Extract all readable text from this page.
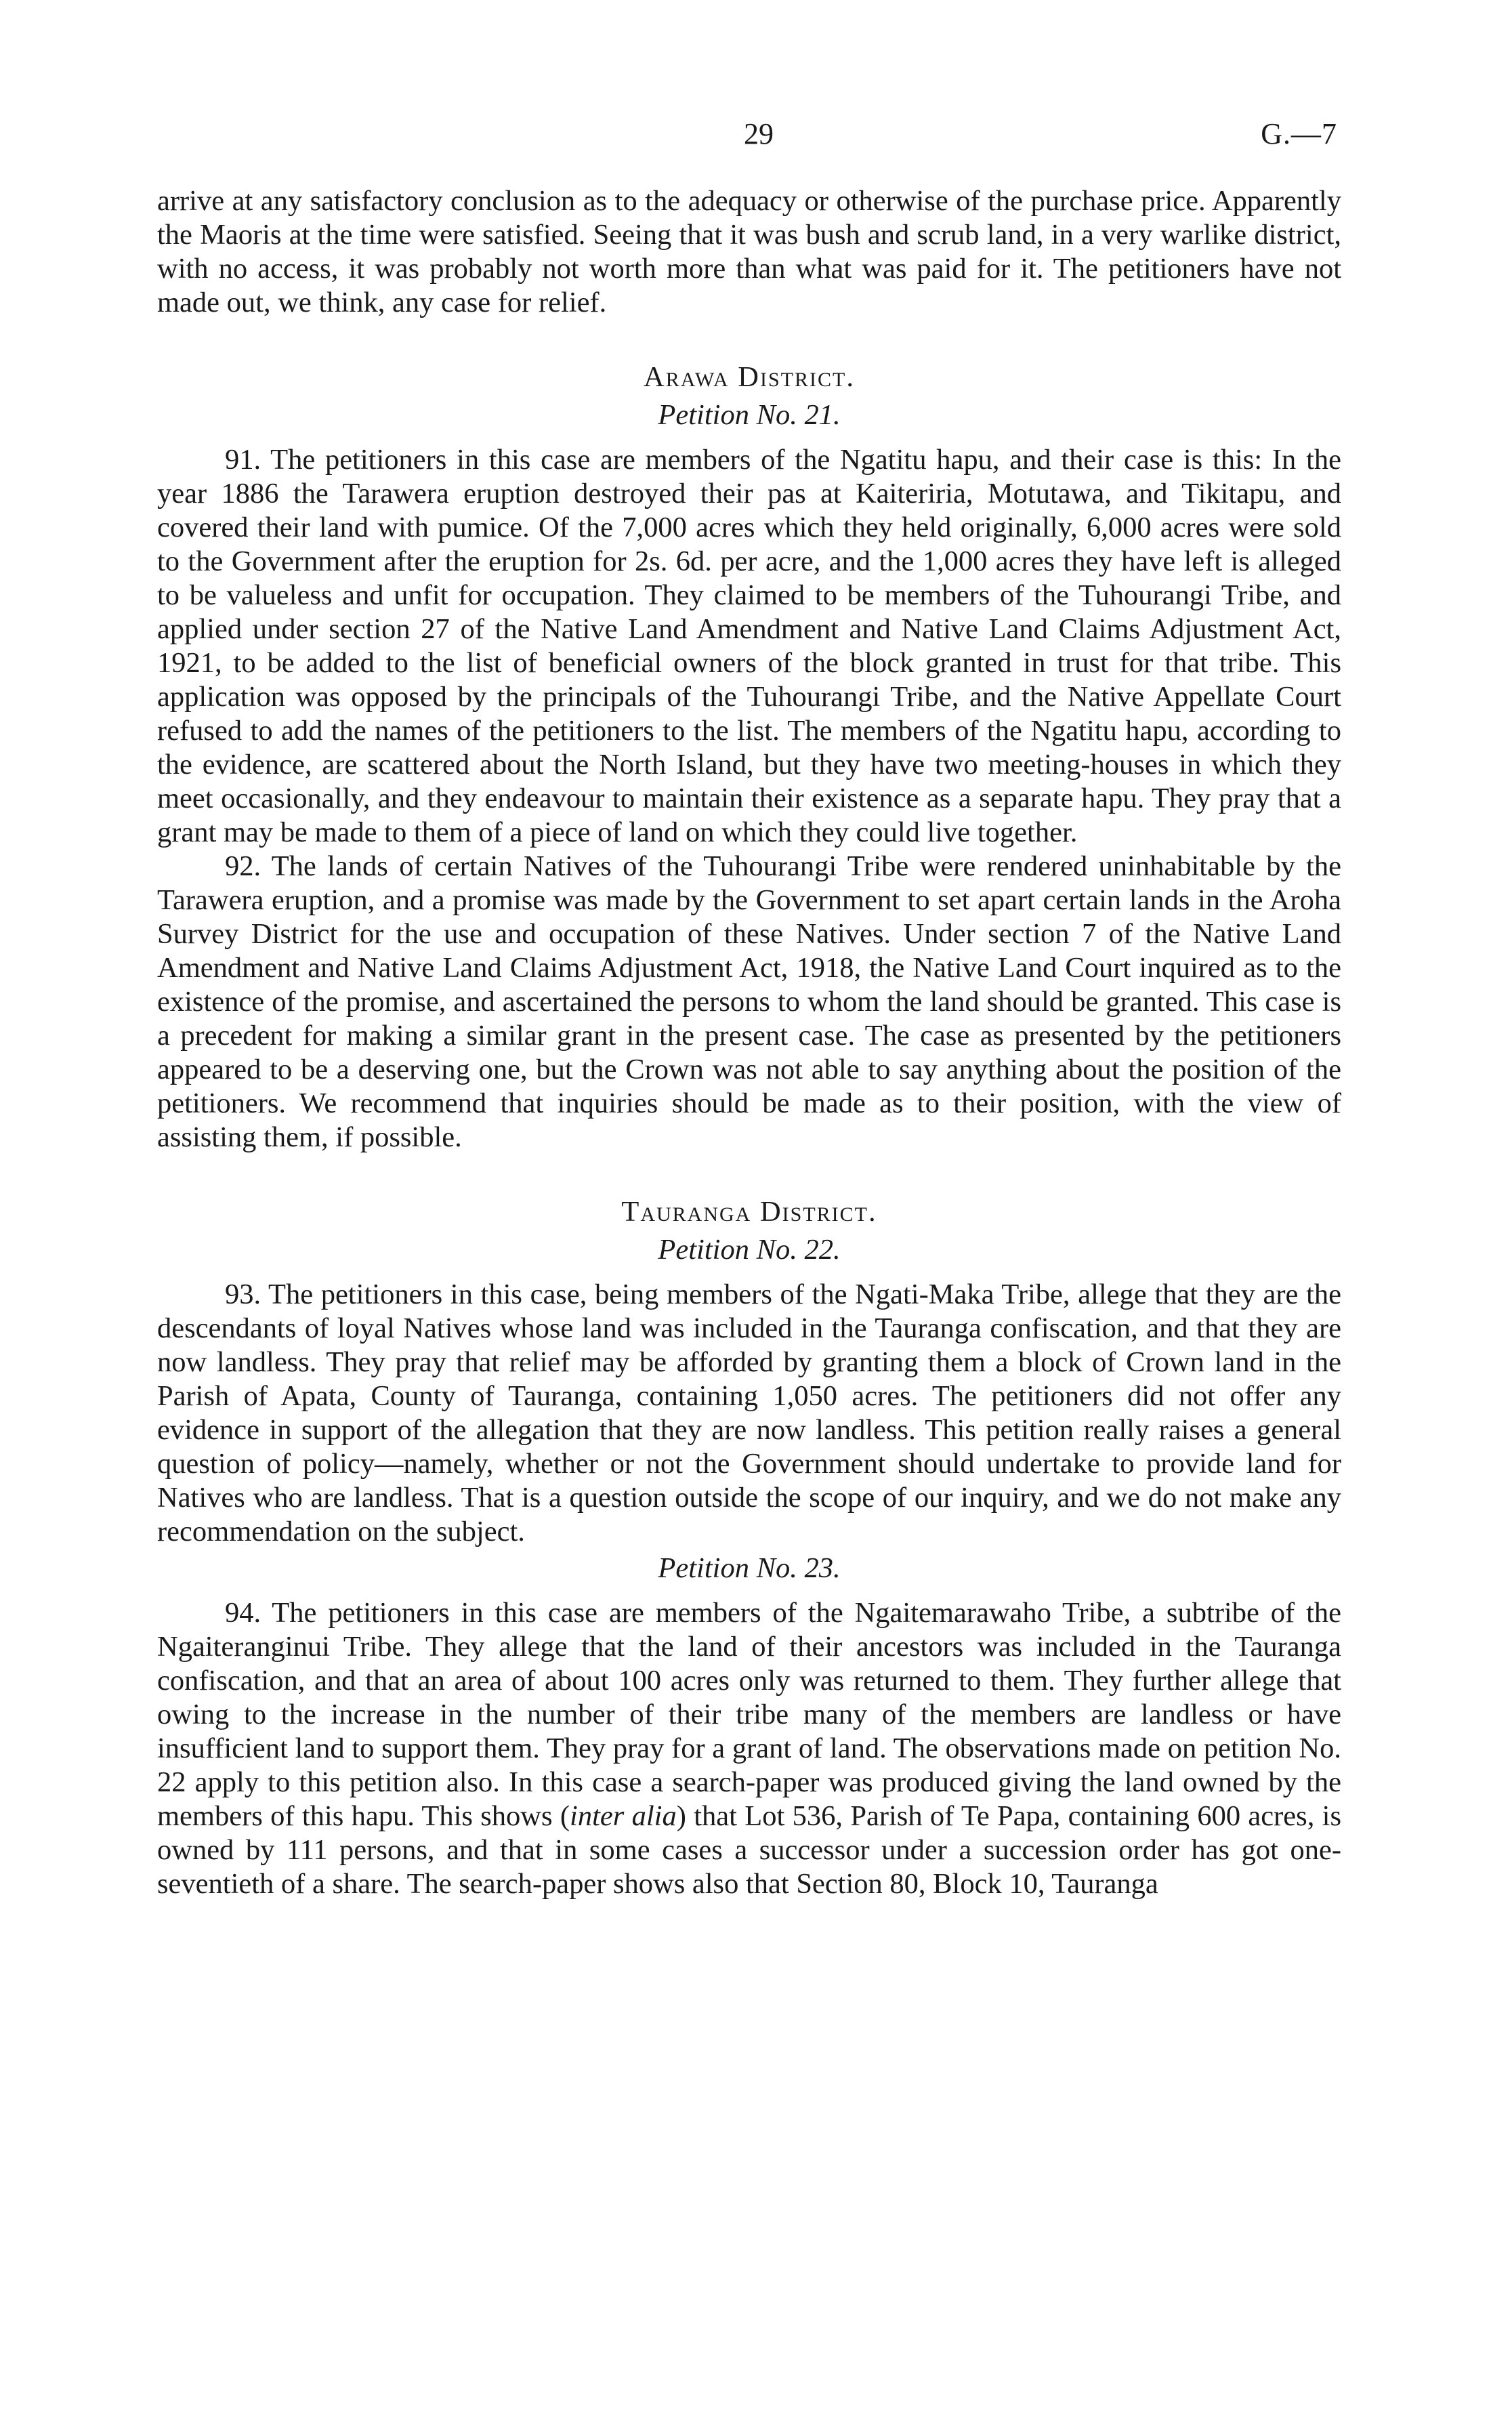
29	G.—7

arrive at any satisfactory conclusion as to the adequacy or otherwise of the purchase price. Apparently the Maoris at the time were satisfied. Seeing that it was bush and scrub land, in a very warlike district, with no access, it was probably not worth more than what was paid for it. The petitioners have not made out, we think, any case for relief.

Arawa District.
Petition No. 21.

91. The petitioners in this case are members of the Ngatitu hapu, and their case is this: In the year 1886 the Tarawera eruption destroyed their pas at Kaiteriria, Motutawa, and Tikitapu, and covered their land with pumice. Of the 7,000 acres which they held originally, 6,000 acres were sold to the Government after the eruption for 2s. 6d. per acre, and the 1,000 acres they have left is alleged to be valueless and unfit for occupation. They claimed to be members of the Tuhourangi Tribe, and applied under section 27 of the Native Land Amendment and Native Land Claims Adjustment Act, 1921, to be added to the list of beneficial owners of the block granted in trust for that tribe. This application was opposed by the principals of the Tuhourangi Tribe, and the Native Appellate Court refused to add the names of the petitioners to the list. The members of the Ngatitu hapu, according to the evidence, are scattered about the North Island, but they have two meeting-houses in which they meet occasionally, and they endeavour to maintain their existence as a separate hapu. They pray that a grant may be made to them of a piece of land on which they could live together.

92. The lands of certain Natives of the Tuhourangi Tribe were rendered uninhabitable by the Tarawera eruption, and a promise was made by the Government to set apart certain lands in the Aroha Survey District for the use and occupation of these Natives. Under section 7 of the Native Land Amendment and Native Land Claims Adjustment Act, 1918, the Native Land Court inquired as to the existence of the promise, and ascertained the persons to whom the land should be granted. This case is a precedent for making a similar grant in the present case. The case as presented by the petitioners appeared to be a deserving one, but the Crown was not able to say anything about the position of the petitioners. We recommend that inquiries should be made as to their position, with the view of assisting them, if possible.

Tauranga District.
Petition No. 22.

93. The petitioners in this case, being members of the Ngati-Maka Tribe, allege that they are the descendants of loyal Natives whose land was included in the Tauranga confiscation, and that they are now landless. They pray that relief may be afforded by granting them a block of Crown land in the Parish of Apata, County of Tauranga, containing 1,050 acres. The petitioners did not offer any evidence in support of the allegation that they are now landless. This petition really raises a general question of policy—namely, whether or not the Government should undertake to provide land for Natives who are landless. That is a question outside the scope of our inquiry, and we do not make any recommendation on the subject.

Petition No. 23.

94. The petitioners in this case are members of the Ngaitemarawaho Tribe, a subtribe of the Ngaiteranginui Tribe. They allege that the land of their ancestors was included in the Tauranga confiscation, and that an area of about 100 acres only was returned to them. They further allege that owing to the increase in the number of their tribe many of the members are landless or have insufficient land to support them. They pray for a grant of land. The observations made on petition No. 22 apply to this petition also. In this case a search-paper was produced giving the land owned by the members of this hapu. This shows (inter alia) that Lot 536, Parish of Te Papa, containing 600 acres, is owned by 111 persons, and that in some cases a successor under a succession order has got one-seventieth of a share. The search-paper shows also that Section 80, Block 10, Tauranga
